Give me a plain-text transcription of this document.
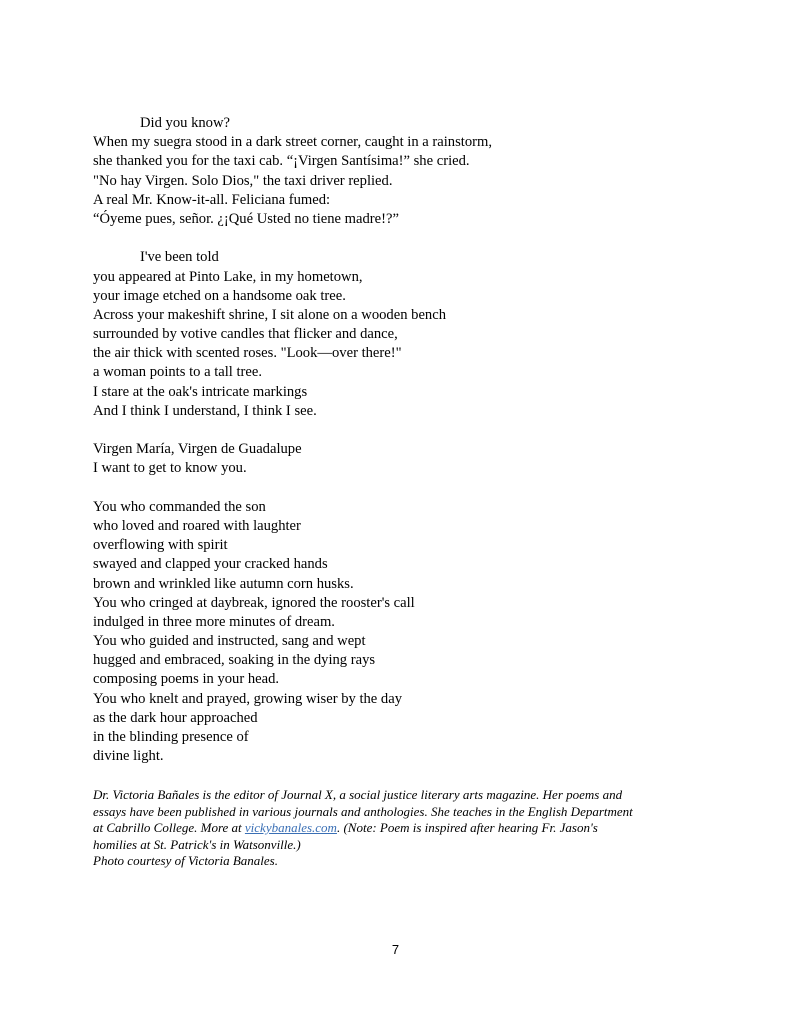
Did you know?
When my suegra stood in a dark street corner, caught in a rainstorm,
she thanked you for the taxi cab. “¡Virgen Santísima!” she cried.
"No hay Virgen. Solo Dios," the taxi driver replied.
A real Mr. Know-it-all. Feliciana fumed:
“Óyeme pues, señor. ¿¡Qué Usted no tiene madre!?”
I've been told
you appeared at Pinto Lake, in my hometown,
your image etched on a handsome oak tree.
Across your makeshift shrine, I sit alone on a wooden bench
surrounded by votive candles that flicker and dance,
the air thick with scented roses. "Look—over there!"
a woman points to a tall tree.
I stare at the oak's intricate markings
And I think I understand, I think I see.
Virgen María, Virgen de Guadalupe
I want to get to know you.
You who commanded the son
who loved and roared with laughter
overflowing with spirit
swayed and clapped your cracked hands
brown and wrinkled like autumn corn husks.
You who cringed at daybreak, ignored the rooster's call
indulged in three more minutes of dream.
You who guided and instructed, sang and wept
hugged and embraced, soaking in the dying rays
composing poems in your head.
You who knelt and prayed, growing wiser by the day
as the dark hour approached
in the blinding presence of
divine light.
Dr. Victoria Bañales is the editor of Journal X, a social justice literary arts magazine. Her poems and
essays have been published in various journals and anthologies. She teaches in the English Department
at Cabrillo College. More at vickybanales.com. (Note: Poem is inspired after hearing Fr. Jason's
homilies at St. Patrick's in Watsonville.)
Photo courtesy of Victoria Banales.
7
